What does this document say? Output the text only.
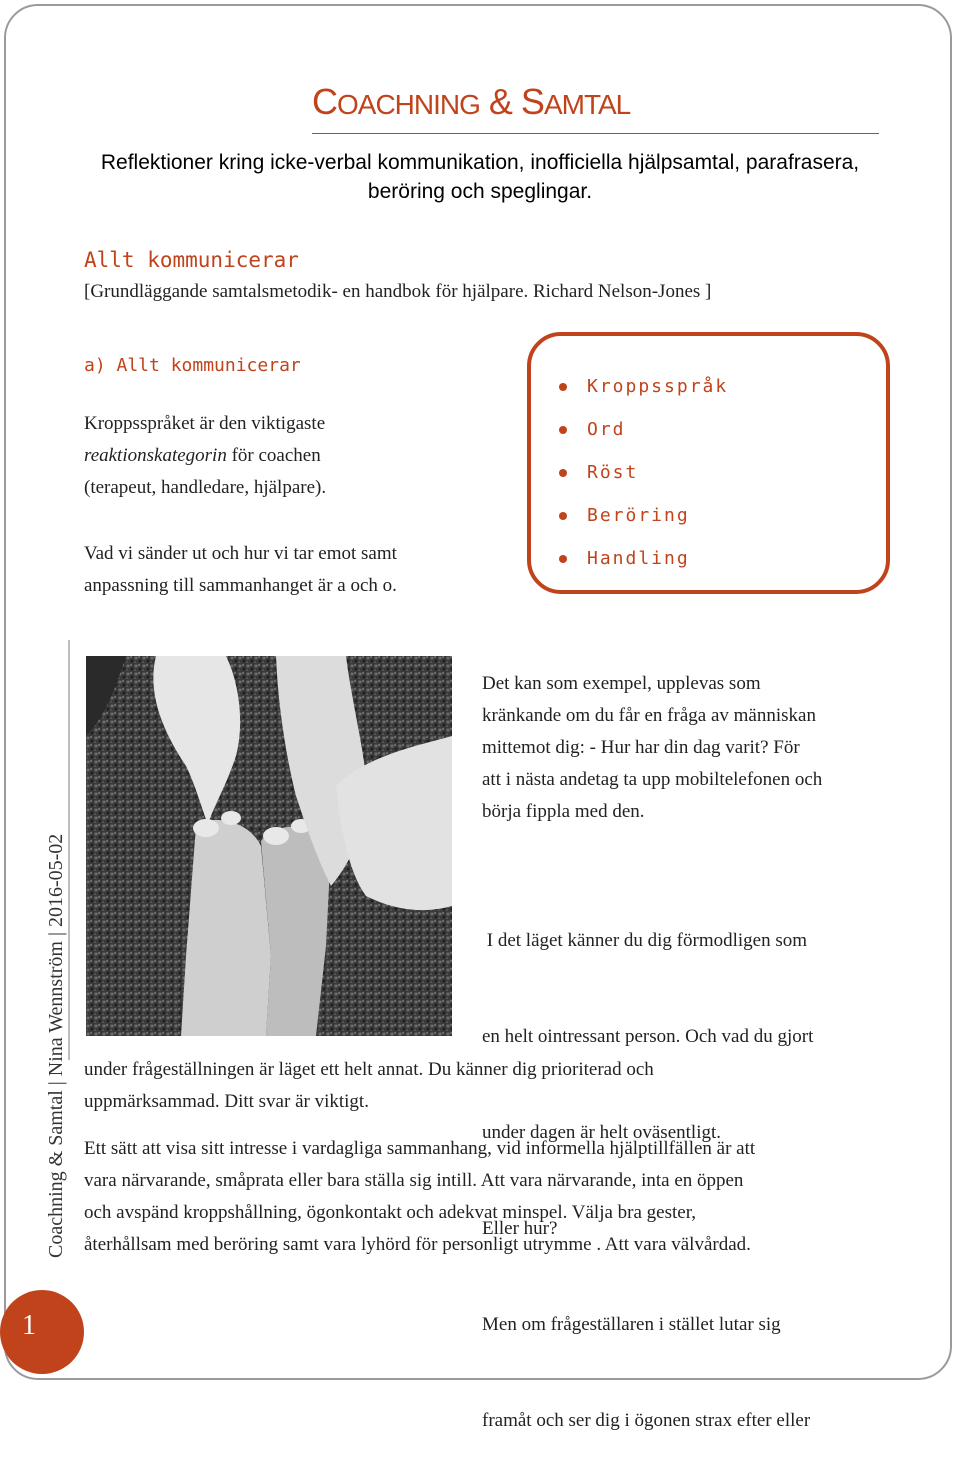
COACHNING & SAMTAL
Reflektioner kring icke-verbal kommunikation, inofficiella hjälpsamtal, parafrasera, beröring och speglingar.
Allt kommunicerar
[Grundläggande samtalsmetodik- en handbok för hjälpare. Richard Nelson-Jones ]
a) Allt kommunicerar
Kroppsspråket är den viktigaste
reaktionskategorin för coachen
(terapeut, handledare, hjälpare).
Vad vi sänder ut och hur vi tar emot samt
anpassning till sammanhanget är a och o.
Kroppsspråk
Ord
Röst
Beröring
Handling
Coachning & Samtal | Nina Wennström | 2016-05-02
Det kan som exempel, upplevas som
kränkande om du får en fråga av människan
mittemot dig: - Hur har din dag varit? För
att i nästa andetag ta upp mobiltelefonen och
börja fippla med den.

I det läget känner du dig förmodligen som

en helt ointressant person. Och vad du gjort

under dagen är helt oväsentligt.

Eller hur?

Men om frågeställaren i stället lutar sig

framåt och ser dig i ögonen strax efter eller

under frågeställningen är läget ett helt annat. Du känner dig prioriterad och
uppmärksammad. Ditt svar är viktigt.
Ett sätt att visa sitt intresse i vardagliga sammanhang, vid informella hjälptillfällen är att
vara närvarande, småprata eller bara ställa sig intill. Att vara närvarande, inta en öppen
och avspänd kroppshållning, ögonkontakt och adekvat minspel. Välja bra gester,
återhållsam med beröring samt vara lyhörd för personligt utrymme . Att vara välvårdad.
1
